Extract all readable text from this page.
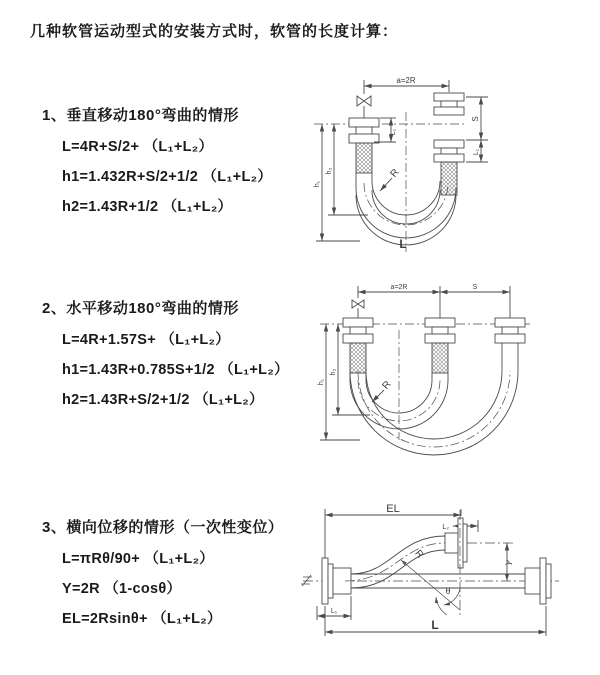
几种软管运动型式的安装方式时，软管的长度计算：
1、垂直移动180°弯曲的情形
L=4R+S/2+ （L₁+L₂）
h1=1.432R+S/2+1/2 （L₁+L₂）
h2=1.43R+1/2 （L₁+L₂）
2、水平移动180°弯曲的情形
L=4R+1.57S+ （L₁+L₂）
h1=1.43R+0.785S+1/2 （L₁+L₂）
h2=1.43R+S/2+1/2 （L₁+L₂）
3、横向位移的情形（一次性变位）
L=πRθ/90+ （L₁+L₂）
Y=2R （1-cosθ）
EL=2Rsinθ+ （L₁+L₂）
a=2R
L₁
S
L₁
h₁
h₂	R
L
a=2R	S
h₁
h₂
R
EL
L₂
Y
R
θ
L₁
L
